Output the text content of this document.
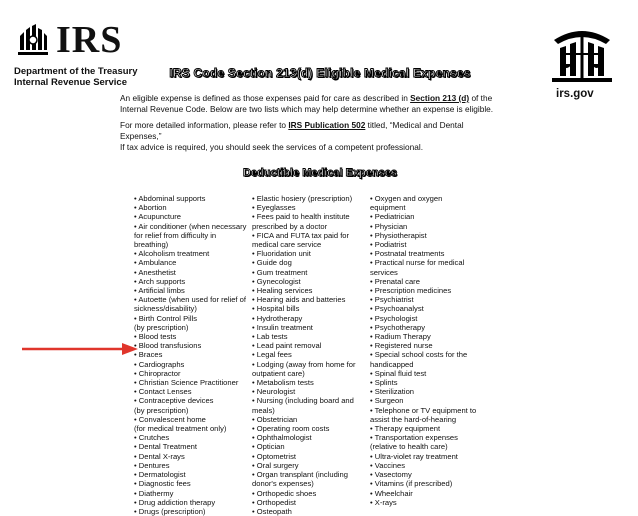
IRS
Department of the Treasury
Internal Revenue Service
irs.gov
IRS Code Section 213(d) Eligible Medical Expenses
An eligible expense is defined as those expenses paid for care as described in Section 213 (d) of the
Internal Revenue Code. Below are two lists which may help determine whether an expense is eligible.
For more detailed information, please refer to IRS Publication 502 titled, “Medical and Dental Expenses,”
If tax advice is required, you should seek the services of a competent professional.
Deductible Medical Expenses
• Abdominal supports
• Abortion
• Acupuncture
• Air conditioner (when necessary
for relief from difficulty in
breathing)
• Alcoholism treatment
• Ambulance
• Anesthetist
• Arch supports
• Artificial limbs
• Autoette (when used for relief of
sickness/disability)
• Birth Control Pills
(by prescription)
• Blood tests
• Blood transfusions
• Braces
• Cardiographs
• Chiropractor
• Christian Science Practitioner
• Contact Lenses
• Contraceptive devices
(by prescription)
• Convalescent home
(for medical treatment only)
• Crutches
• Dental Treatment
• Dental X-rays
• Dentures
• Dermatologist
• Diagnostic fees
• Diathermy
• Drug addiction therapy
• Drugs (prescription)
• Elastic hosiery (prescription)
• Eyeglasses
• Fees paid to health institute
prescribed by a doctor
• FICA and FUTA tax paid for
medical care service
• Fluoridation unit
• Guide dog
• Gum treatment
• Gynecologist
• Healing services
• Hearing aids and batteries
• Hospital bills
• Hydrotherapy
• Insulin treatment
• Lab tests
• Lead paint removal
• Legal fees
• Lodging (away from home for
outpatient care)
• Metabolism tests
• Neurologist
• Nursing (including board and
meals)
• Obstetrician
• Operating room costs
• Ophthalmologist
• Optician
• Optometrist
• Oral surgery
• Organ transplant (including
donor's expenses)
• Orthopedic shoes
• Orthopedist
• Osteopath
• Oxygen and oxygen
equipment
• Pediatrician
• Physician
• Physiotherapist
• Podiatrist
• Postnatal treatments
• Practical nurse for medical
services
• Prenatal care
• Prescription medicines
• Psychiatrist
• Psychoanalyst
• Psychologist
• Psychotherapy
• Radium Therapy
• Registered nurse
• Special school costs for the
handicapped
• Spinal fluid test
• Splints
• Sterilization
• Surgeon
• Telephone or TV equipment to
assist the hard-of-hearing
• Therapy equipment
• Transportation expenses
(relative to health care)
• Ultra-violet ray treatment
• Vaccines
• Vasectomy
• Vitamins (if prescribed)
• Wheelchair
• X-rays
